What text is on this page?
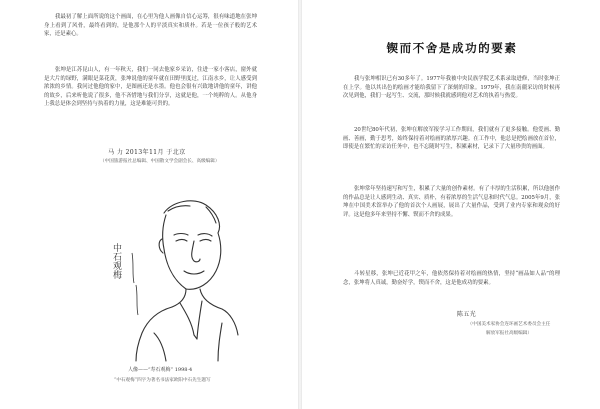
我最初了解上面所说的这个画面，在心里为他人画像自信心运筹，很有味道地在张坤身上看到了风骨，最终看到的，是他那个人的平淡真实和质朴。若是一位孩子般的艺术家，还是素心。

张坤是江苏昆山人，有一年秋天，我们一同去他家乡采访，住进一家小客店，窗外就是大片的绿野，满眼是菜花黄，张坤说他的童年就在田野里度过，江南水乡，让人感受到浓浓的乡情。我问过他他的家中，是图画还是水墨。他也会很有兴致地讲他的童年，讲他的故乡，后来听他说了很多，他不吝惜地与我们分享，这就是他，一个纯粹的人。从他身上我总是体会到坚持与执着的力量，这是难能可贵的。

马 力 2013年11月 于北京
（中国旅游报社总编辑、中国散文学会副会长、高级编辑）
中石观梅
人像——“寿石观梅” 1998·4
“中石观梅”四字为著名书法家欧阳中石先生题写
锲而不舍是成功的要素

我与张坤相识已有30多年了。1977年我被中央民族学院艺术系录取进修，当时张坤正在上学。他以其出色的绘画才能给我留下了深刻的印象。1979年，我在南疆采访的时候再次见到他，我们一起写生、交流，那时候我就感到他对艺术的执着与热爱。

20世纪80年代初，张坤在解放军报学习工作期间，我们就有了更多接触。他爱画、勤画、善画，勤于思考，始终保持着对绘画的浓厚兴趣。在工作中，他总是把绘画放在首位，即使是在繁忙的采访任务中，也不忘随时写生，积累素材，记录下了大量珍贵的画面。

张坤常年坚持速写和写生，积累了大量的创作素材。有了丰厚的生活积累，所以他创作的作品总是让人感到生动、真实、质朴，有着浓厚的生活气息和时代气息。2005年9月，张坤在中国美术馆举办了他的首次个人画展，展出了大量作品，受到了业内专家和观众的好评。这是他多年来坚持不懈、锲而不舍的成果。

斗转星移，张坤已近花甲之年，他依然保持着对绘画的热情，坚持“画品如人品”的理念，张坤将人真诚，勤奋好学，锲而不舍，这是他成功的要素。

陈五光
（中国美术家协会连环画艺术委员会主任
解放军报社高级编辑）
